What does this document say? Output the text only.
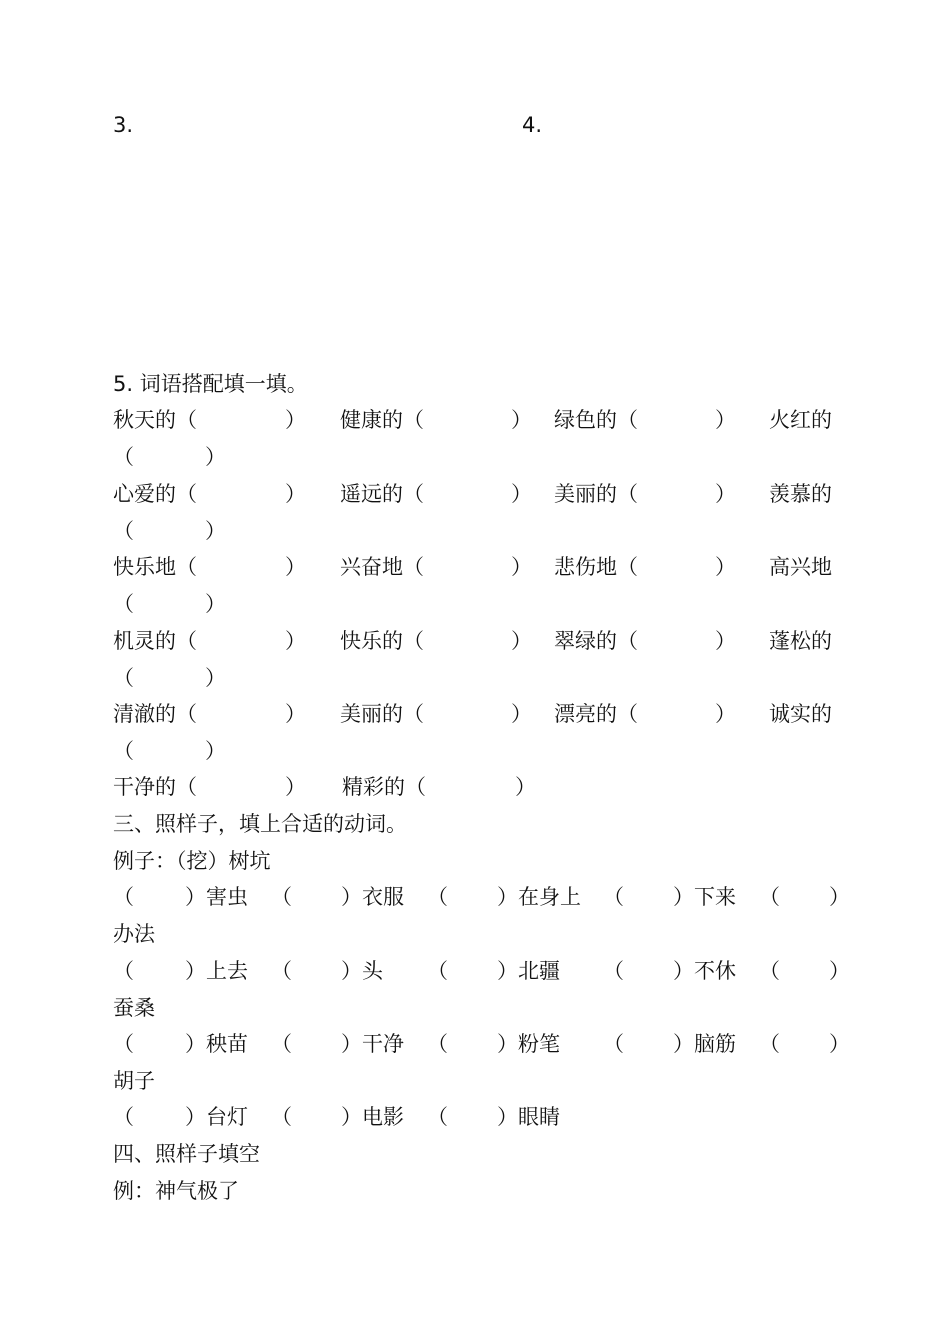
3.	4.
5. 词语搭配填一填。
秋天的（	） 健康的（	） 绿色的（	） 火红的
（	）
心爱的（	） 遥远的（	） 美丽的（	） 羡慕的
（	）
快乐地（	） 兴奋地（	） 悲伤地（	） 高兴地
（	）
机灵的（	） 快乐的（	） 翠绿的（	） 蓬松的
（	）
清澈的（	） 美丽的（	） 漂亮的（	） 诚实的
（	）
干净的（	） 精彩的（	）
三、照样子，填上合适的动词。
例子：（挖）树坑
（ ）害虫 （ ）衣服 （ ）在身上 （ ）下来 （ ）
办法
（ ）上去 （ ）头 （ ）北疆 （ ）不休 （ ）
蚕桑
（ ）秧苗 （ ）干净 （ ）粉笔 （ ）脑筋 （ ）
胡子
（ ）台灯 （ ）电影 （ ）眼睛
四、照样子填空
例：神气极了
